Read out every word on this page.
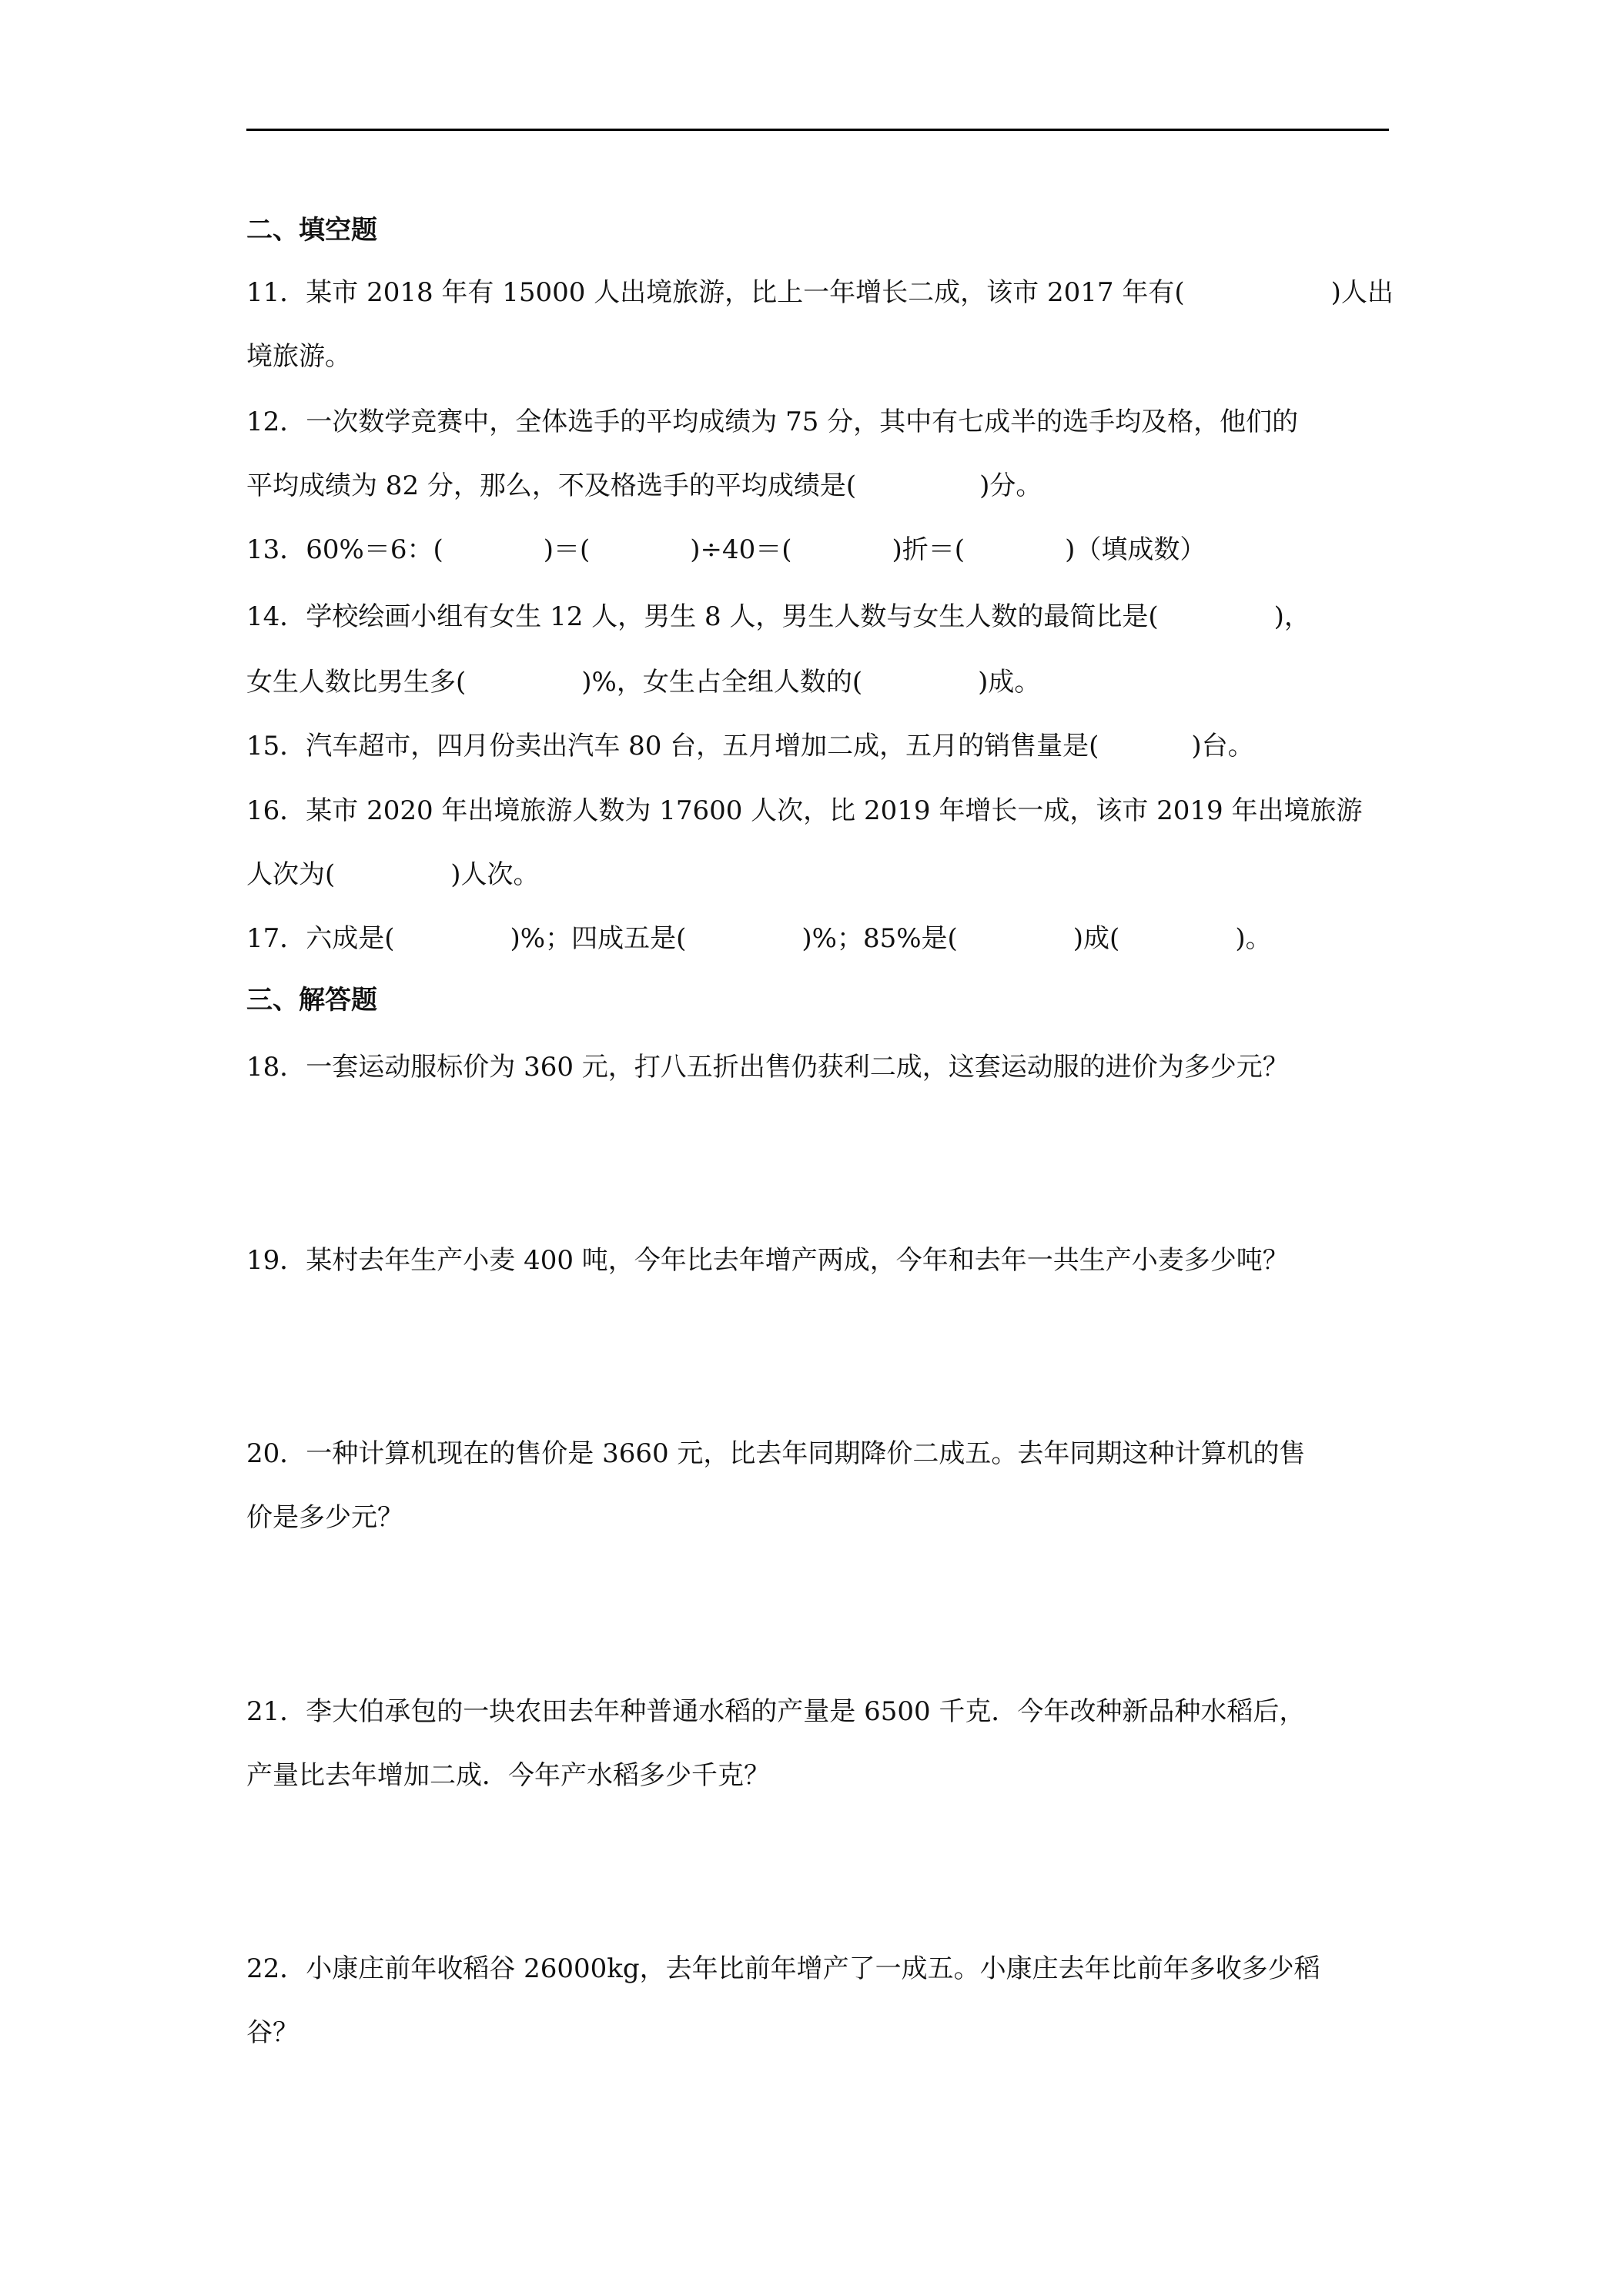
二、填空题
11．某市 2018 年有 15000 人出境旅游，比上一年增长二成，该市 2017 年有(	)人出
境旅游。
12．一次数学竞赛中，全体选手的平均成绩为 75 分，其中有七成半的选手均及格，他们的
平均成绩为 82 分，那么，不及格选手的平均成绩是(	)分。
13．60%＝6：(	)＝(	)÷40＝(	)折＝(	)（填成数）
14．学校绘画小组有女生 12 人，男生 8 人，男生人数与女生人数的最简比是(	)，
女生人数比男生多(	)%，女生占全组人数的(	)成。
15．汽车超市，四月份卖出汽车 80 台，五月增加二成，五月的销售量是(	)台。
16．某市 2020 年出境旅游人数为 17600 人次，比 2019 年增长一成，该市 2019 年出境旅游
人次为(	)人次。
17．六成是(	)%；四成五是(	)%；85%是(	)成(	)。
三、解答题
18．一套运动服标价为 360 元，打八五折出售仍获利二成，这套运动服的进价为多少元？
19．某村去年生产小麦 400 吨，今年比去年增产两成，今年和去年一共生产小麦多少吨？
20．一种计算机现在的售价是 3660 元，比去年同期降价二成五。去年同期这种计算机的售
价是多少元？
21．李大伯承包的一块农田去年种普通水稻的产量是 6500 千克．今年改种新品种水稻后，
产量比去年增加二成．今年产水稻多少千克？
22．小康庄前年收稻谷 26000kg，去年比前年增产了一成五。小康庄去年比前年多收多少稻
谷？
